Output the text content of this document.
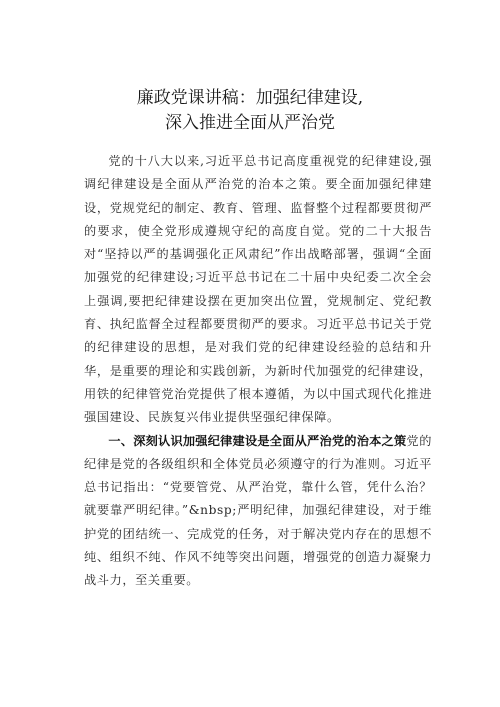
廉政党课讲稿：加强纪律建设,
深入推进全面从严治党

党的十八大以来,习近平总书记高度重视党的纪律建设,强调纪律建设是全面从严治党的治本之策。要全面加强纪律建设，党规党纪的制定、教育、管理、监督整个过程都要贯彻严的要求，使全党形成遵规守纪的高度自觉。党的二十大报告对“坚持以严的基调强化正风肃纪”作出战略部署，强调“全面加强党的纪律建设;习近平总书记在二十届中央纪委二次全会上强调,要把纪律建设摆在更加突出位置，党规制定、党纪教育、执纪监督全过程都要贯彻严的要求。习近平总书记关于党的纪律建设的思想，是对我们党的纪律建设经验的总结和升华，是重要的理论和实践创新，为新时代加强党的纪律建设，用铁的纪律管党治党提供了根本遵循，为以中国式现代化推进强国建设、民族复兴伟业提供坚强纪律保障。

一、深刻认识加强纪律建设是全面从严治党的治本之策党的纪律是党的各级组织和全体党员必须遵守的行为准则。习近平总书记指出：“党要管党、从严治党，靠什么管，凭什么治？就要靠严明纪律。”&nbsp;严明纪律，加强纪律建设，对于维护党的团结统一、完成党的任务，对于解决党内存在的思想不纯、组织不纯、作风不纯等突出问题，增强党的创造力凝聚力战斗力，至关重要。
